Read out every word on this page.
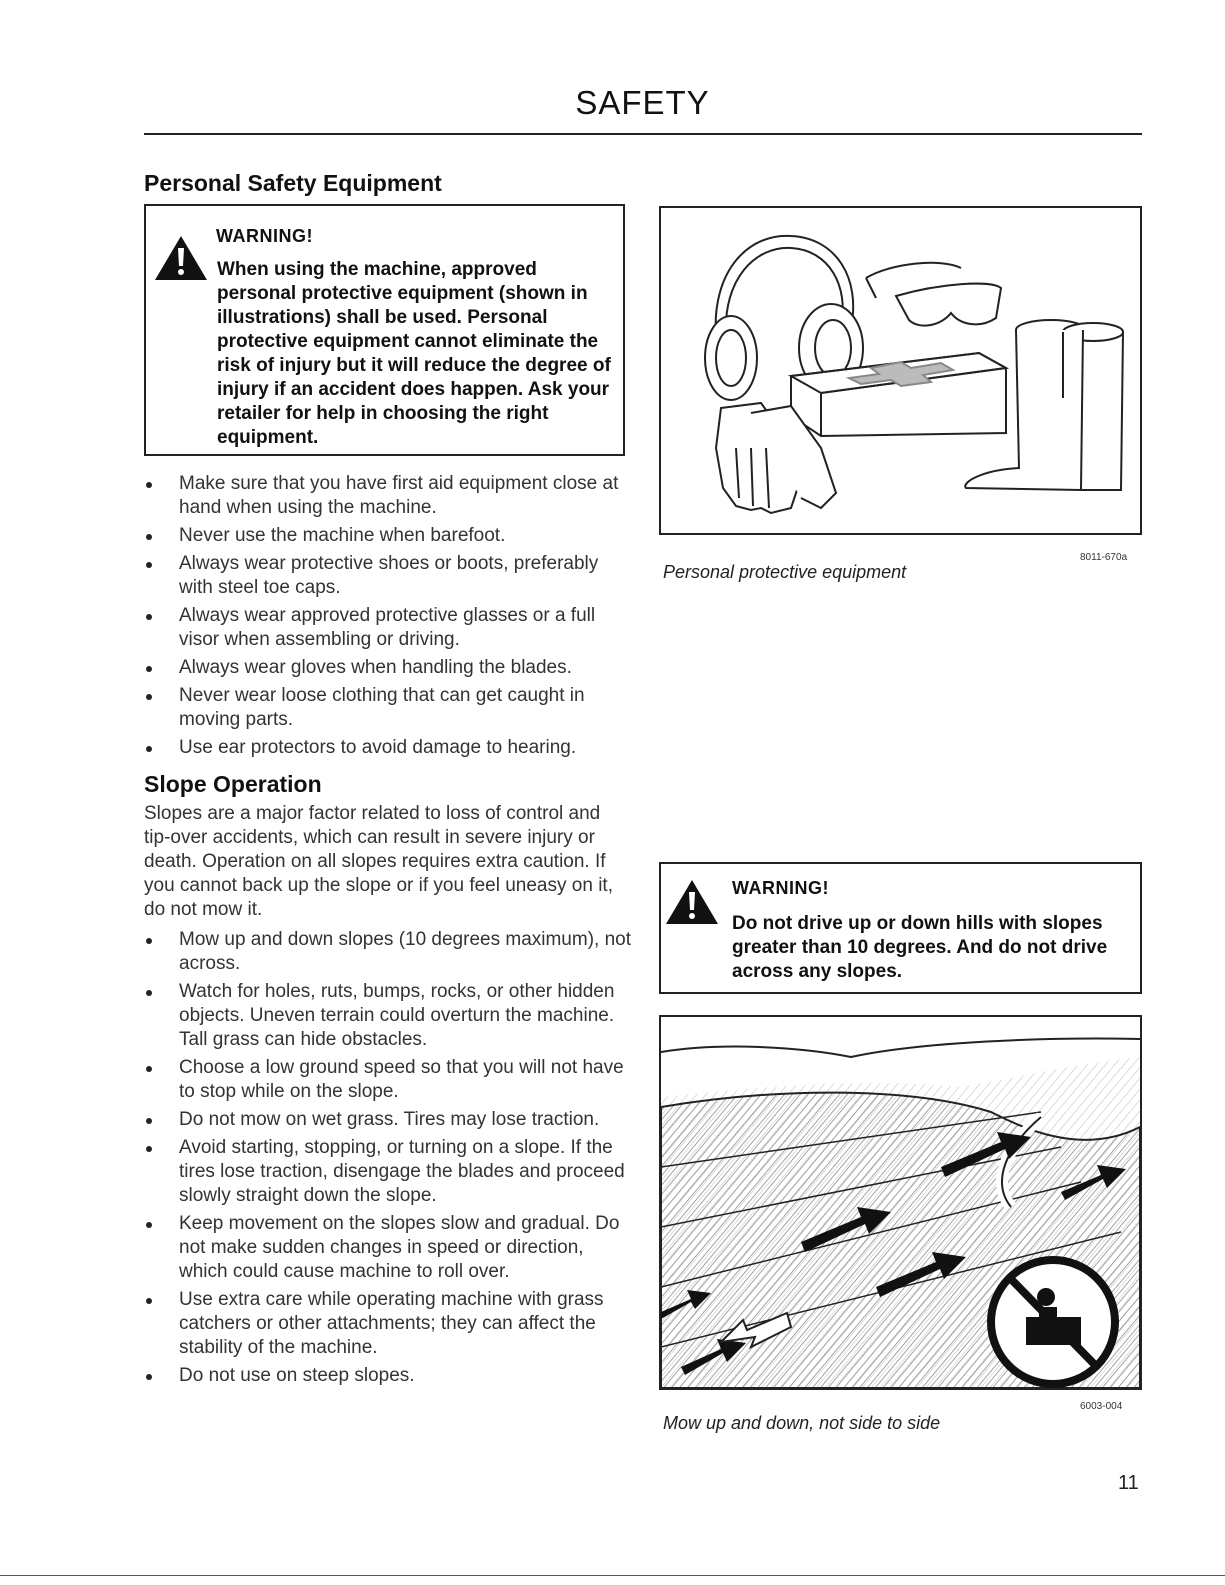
SAFETY
Personal Safety Equipment
WARNING!
When using the machine, approved personal protective equipment (shown in illustrations) shall be used. Personal protective equipment cannot eliminate the risk of injury but it will reduce the degree of injury if an accident does happen. Ask your retailer for help in choosing the right equipment.
Make sure that you have first aid equipment close at hand when using the machine.
Never use the machine when barefoot.
Always wear protective shoes or boots, preferably with steel toe caps.
Always wear approved protective glasses or a full visor when assembling or driving.
Always wear gloves when handling the blades.
Never wear loose clothing that can get caught in moving parts.
Use ear protectors to avoid damage to hearing.
8011-670a
Personal protective equipment
Slope Operation
Slopes are a major factor related to loss of control and tip-over accidents, which can result in severe injury or death. Operation on all slopes requires extra caution. If you cannot back up the slope or if you feel uneasy on it, do not mow it.
Mow up and down slopes (10 degrees maximum), not across.
Watch for holes, ruts, bumps, rocks, or other hidden objects. Uneven terrain could overturn the machine. Tall grass can hide obstacles.
Choose a low ground speed so that you will not have to stop while on the slope.
Do not mow on wet grass. Tires may lose traction.
Avoid starting, stopping, or turning on a slope. If the tires lose traction, disengage the blades and proceed slowly straight down the slope.
Keep movement on the slopes slow and gradual. Do not make sudden changes in speed or direction, which could cause machine to roll over.
Use extra care while operating machine with grass catchers or other attachments; they can affect the stability of the machine.
Do not use on steep slopes.
WARNING!
Do not drive up or down hills with slopes greater than 10 degrees. And do not drive across any slopes.
6003-004
Mow up and down, not side to side
11
